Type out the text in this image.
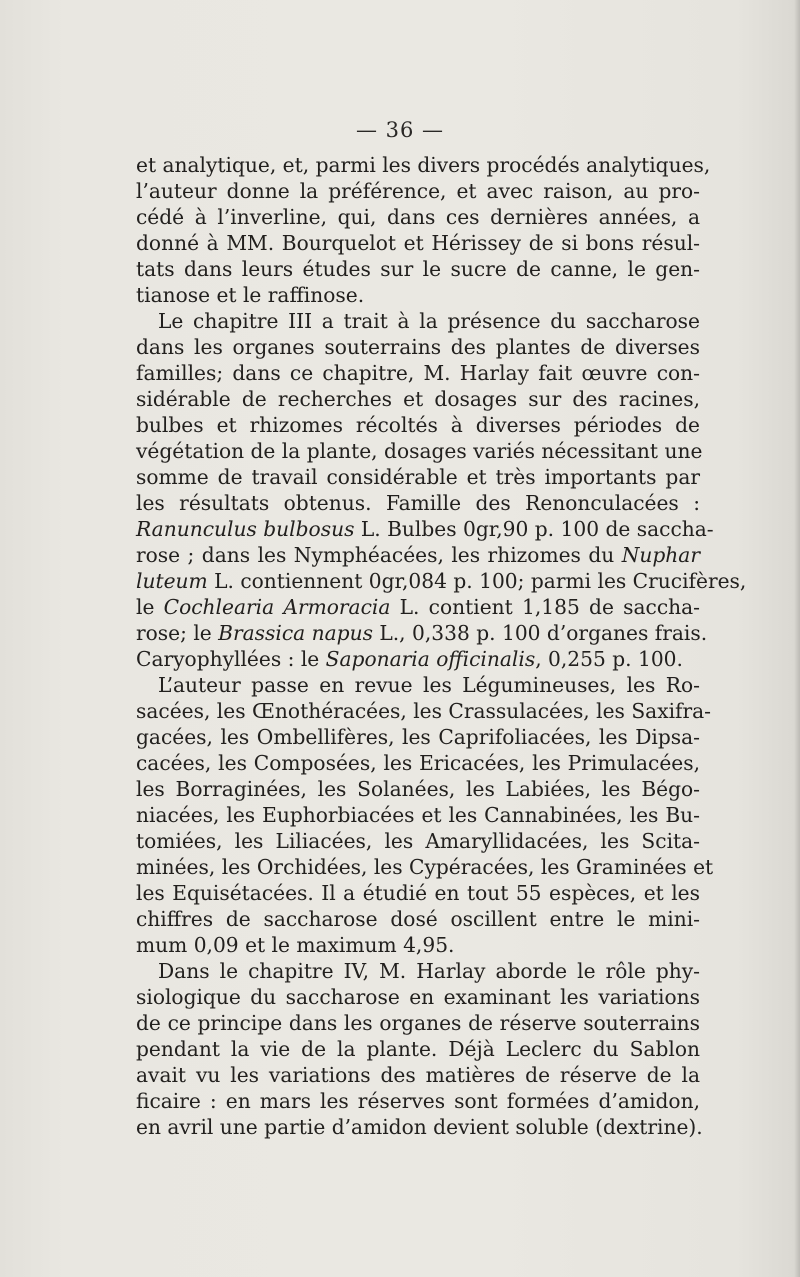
— 36 —

et analytique, et, parmi les divers procédés analytiques,
l’auteur donne la préférence, et avec raison, au pro-
cédé à l’inverline, qui, dans ces dernières années, a
donné à MM. Bourquelot et Hérissey de si bons résul-
tats dans leurs études sur le sucre de canne, le gen-
tianose et le raffinose.

Le chapitre III a trait à la présence du saccharose
dans les organes souterrains des plantes de diverses
familles; dans ce chapitre, M. Harlay fait œuvre con-
sidérable de recherches et dosages sur des racines,
bulbes et rhizomes récoltés à diverses périodes de
végétation de la plante, dosages variés nécessitant une
somme de travail considérable et très importants par
les résultats obtenus. Famille des Renonculacées :
Ranunculus bulbosus L. Bulbes 0gr,90 p. 100 de saccha-
rose ; dans les Nymphéacées, les rhizomes du Nuphar
luteum L. contiennent 0gr,084 p. 100; parmi les Crucifères,
le Cochlearia Armoracia L. contient 1,185 de saccha-
rose; le Brassica napus L., 0,338 p. 100 d’organes frais.
Caryophyllées : le Saponaria officinalis, 0,255 p. 100.

L’auteur passe en revue les Légumineuses, les Ro-
sacées, les Œnothéracées, les Crassulacées, les Saxifra-
gacées, les Ombellifères, les Caprifoliacées, les Dipsa-
cacées, les Composées, les Ericacées, les Primulacées,
les Borraginées, les Solanées, les Labiées, les Bégo-
niacées, les Euphorbiacées et les Cannabinées, les Bu-
tomiées, les Liliacées, les Amaryllidacées, les Scita-
minées, les Orchidées, les Cypéracées, les Graminées et
les Equisétacées. Il a étudié en tout 55 espèces, et les
chiffres de saccharose dosé oscillent entre le mini-
mum 0,09 et le maximum 4,95.

Dans le chapitre IV, M. Harlay aborde le rôle phy-
siologique du saccharose en examinant les variations
de ce principe dans les organes de réserve souterrains
pendant la vie de la plante. Déjà Leclerc du Sablon
avait vu les variations des matières de réserve de la
ficaire : en mars les réserves sont formées d’amidon,
en avril une partie d’amidon devient soluble (dextrine).
